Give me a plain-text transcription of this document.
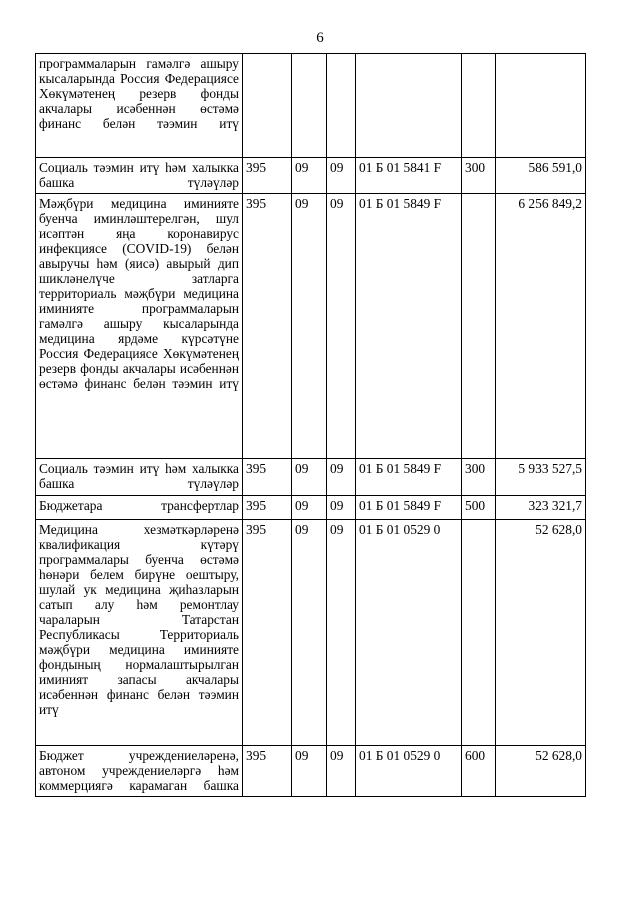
6
программаларын гамәлгә ашыру кысаларында Россия Федерациясе Хөкүмәтенең резерв фонды акчалары исәбеннән өстәмә финанс белән тәэмин итү						

Социаль тәэмин итү һәм халыкка башка түләүләр	395	09	09	01 Б 01 5841 F	300	586 591,0

Мәҗбүри медицина иминияте буенча иминләштерелгән, шул исәптән яңа коронавирус инфекциясе (COVID-19) белән авыручы һәм (яисә) авырый дип шикләнелүче затларга территориаль мәҗбүри медицина иминияте программаларын гамәлгә ашыру кысаларында медицина ярдәме күрсәтүне Россия Федерациясе Хөкүмәтенең резерв фонды акчалары исәбеннән өстәмә финанс белән тәэмин итү	395	09	09	01 Б 01 5849 F		6 256 849,2

Социаль тәэмин итү һәм халыкка башка түләүләр	395	09	09	01 Б 01 5849 F	300	5 933 527,5

Бюджетара трансфертлар	395	09	09	01 Б 01 5849 F	500	323 321,7

Медицина хезмәткәрләренә квалификация күтәрү программалары буенча өстәмә һөнәри белем бирүне оештыру, шулай ук медицина җиһазларын сатып алу һәм ремонтлау чараларын Татарстан Республикасы Территориаль мәҗбүри медицина иминияте фондының нормалаштырылган иминият запасы акчалары исәбеннән финанс белән тәэмин итү	395	09	09	01 Б 01 0529 0		52 628,0

Бюджет учреждениеләренә, автоном учреждениеләргә һәм коммерциягә карамаган башка	395	09	09	01 Б 01 0529 0	600	52 628,0
